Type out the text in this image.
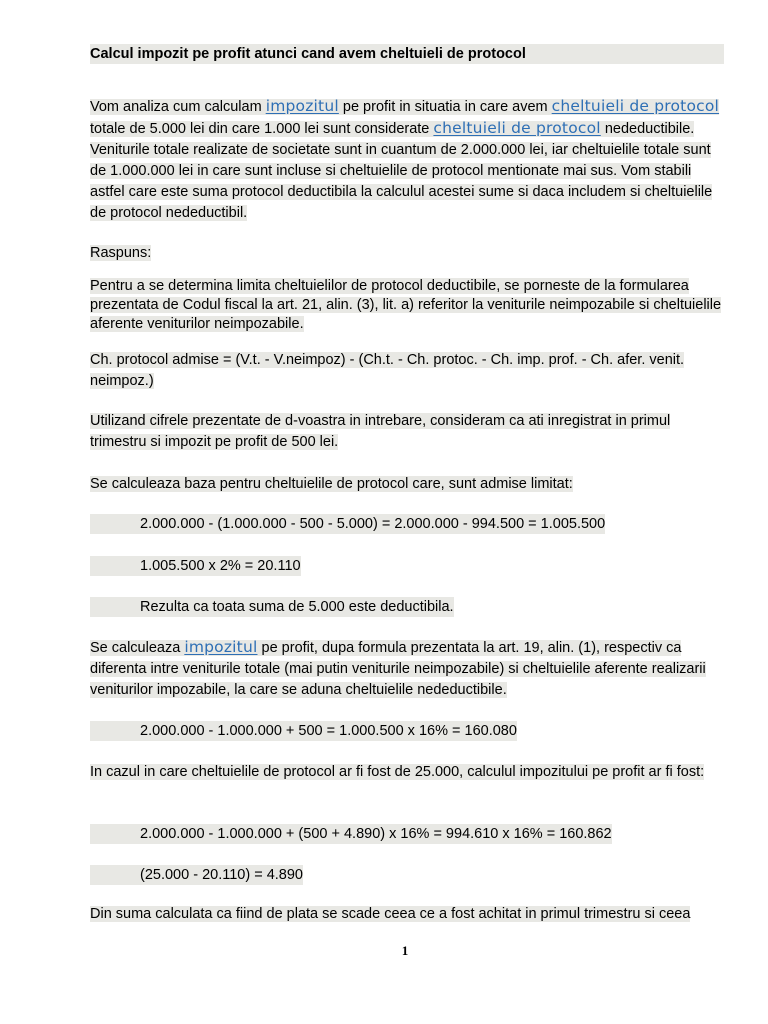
Calcul impozit pe profit atunci cand avem cheltuieli de protocol

Vom analiza cum calculam impozitul pe profit in situatia in care avem cheltuieli de protocol totale de 5.000 lei din care 1.000 lei sunt considerate cheltuieli de protocol nedeductibile. Veniturile totale realizate de societate sunt in cuantum de 2.000.000 lei, iar cheltuielile totale sunt de 1.000.000 lei in care sunt incluse si cheltuielile de protocol mentionate mai sus. Vom stabili astfel care este suma protocol deductibila la calculul acestei sume si daca includem si cheltuielile de protocol nedeductibil.

Raspuns:

Pentru a se determina limita cheltuielilor de protocol deductibile, se porneste de la formularea prezentata de Codul fiscal la art. 21, alin. (3), lit. a) referitor la veniturile neimpozabile si cheltuielile aferente veniturilor neimpozabile.

Ch. protocol admise = (V.t. - V.neimpoz) - (Ch.t. - Ch. protoc. - Ch. imp. prof. - Ch. afer. venit. neimpoz.)

Utilizand cifrele prezentate de d-voastra in intrebare, consideram ca ati inregistrat in primul trimestru si impozit pe profit de 500 lei.

Se calculeaza baza pentru cheltuielile de protocol care, sunt admise limitat:

2.000.000 - (1.000.000 - 500 - 5.000) = 2.000.000 - 994.500 = 1.005.500
1.005.500 x 2% = 20.110
Rezulta ca toata suma de 5.000 este deductibila.

Se calculeaza impozitul pe profit, dupa formula prezentata la art. 19, alin. (1), respectiv ca diferenta intre veniturile totale (mai putin veniturile neimpozabile) si cheltuielile aferente realizarii veniturilor impozabile, la care se aduna cheltuielile nedeductibile.

2.000.000 - 1.000.000 + 500 = 1.000.500 x 16% = 160.080

In cazul in care cheltuielile de protocol ar fi fost de 25.000, calculul impozitului pe profit ar fi fost:

2.000.000 - 1.000.000 + (500 + 4.890) x 16% = 994.610 x 16% = 160.862
(25.000 - 20.110) = 4.890

Din suma calculata ca fiind de plata se scade ceea ce a fost achitat in primul trimestru si ceea

1
